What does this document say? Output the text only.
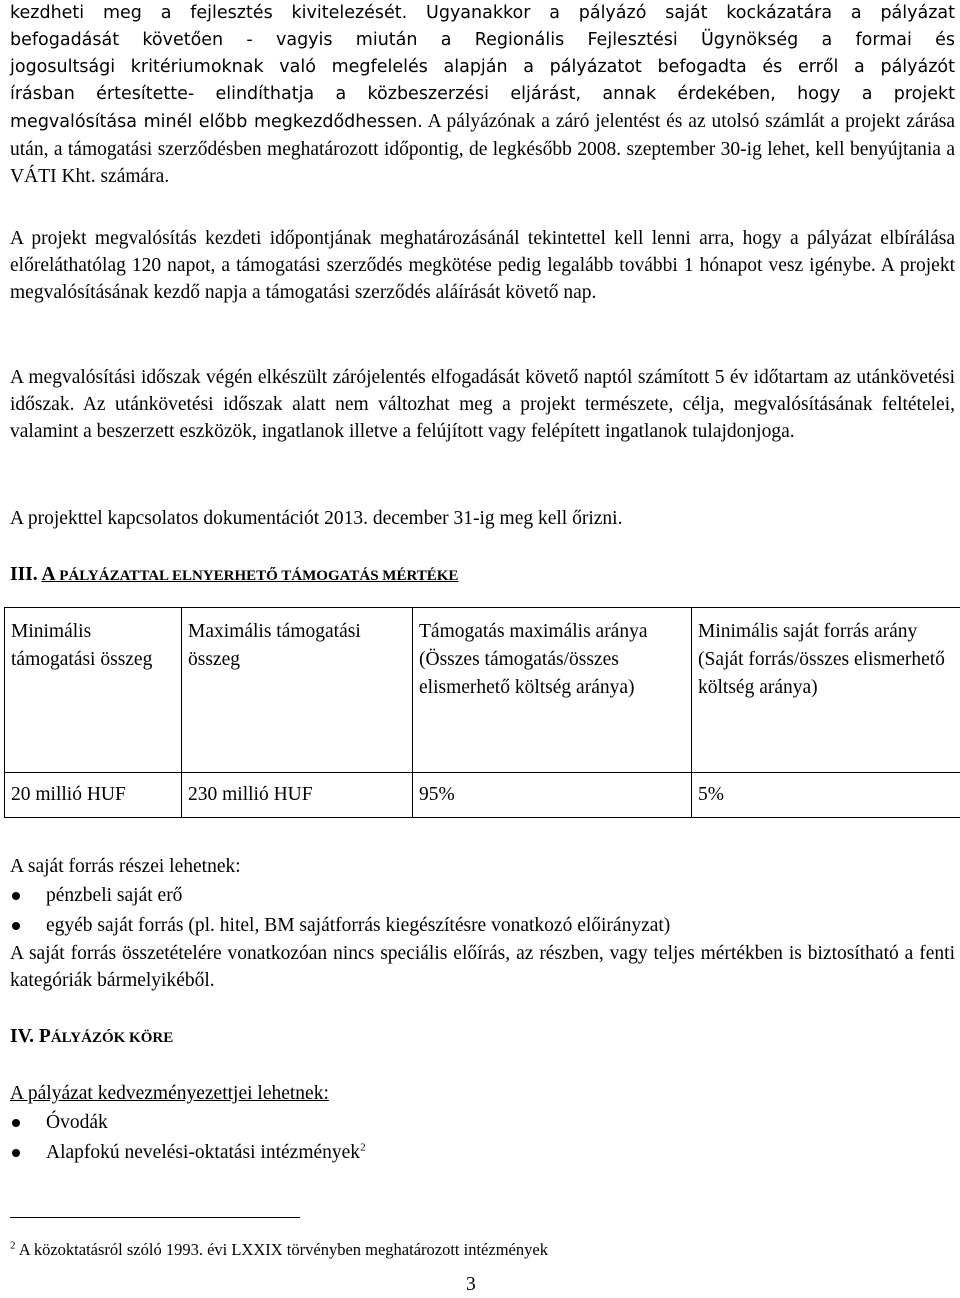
kezdheti meg a fejlesztés kivitelezését. Ugyanakkor a pályázó saját kockázatára a pályázat

befogadását követően - vagyis miután a Regionális Fejlesztési Ügynökség a formai és

jogosultsági kritériumoknak való megfelelés alapján a pályázatot befogadta és erről a pályázót

írásban értesítette- elindíthatja a közbeszerzési eljárást, annak érdekében, hogy a projekt

megvalósítása minél előbb megkezdődhessen. A pályázónak a záró jelentést és az utolsó számlát a projekt zárása után, a támogatási szerződésben meghatározott időpontig, de legkésőbb 2008. szeptember 30-ig lehet, kell benyújtania a VÁTI Kht. számára.

A projekt megvalósítás kezdeti időpontjának meghatározásánál tekintettel kell lenni arra, hogy a pályázat elbírálása előreláthatólag 120 napot, a támogatási szerződés megkötése pedig legalább további 1 hónapot vesz igénybe. A projekt megvalósításának kezdő napja a támogatási szerződés aláírását követő nap.

A megvalósítási időszak végén elkészült zárójelentés elfogadását követő naptól számított 5 év időtartam az utánkövetési időszak. Az utánkövetési időszak alatt nem változhat meg a projekt természete, célja, megvalósításának feltételei, valamint a beszerzett eszközök, ingatlanok illetve a felújított vagy felépített ingatlanok tulajdonjoga.

A projekttel kapcsolatos dokumentációt 2013. december 31-ig meg kell őrizni.

III. A PÁLYÁZATTAL ELNYERHETŐ TÁMOGATÁS MÉRTÉKE
Minimális támogatási összeg	Maximális támogatási összeg	Támogatás maximális aránya (Összes támogatás/összes elismerhető költség aránya)	Minimális saját forrás arány (Saját forrás/összes elismerhető költség aránya)
20 millió HUF	230 millió HUF	95%	5%

A saját forrás részei lehetnek:

pénzbeli saját erő
egyéb saját forrás (pl. hitel, BM sajátforrás kiegészítésre vonatkozó előirányzat)

A saját forrás összetételére vonatkozóan nincs speciális előírás, az részben, vagy teljes mértékben is biztosítható a fenti kategóriák bármelyikéből.

IV. PÁLYÁZÓK KÖRE

A pályázat kedvezményezettjei lehetnek:

Óvodák
Alapfokú nevelési-oktatási intézmények$^2$
$^2$ A közoktatásról szóló 1993. évi LXXIX törvényben meghatározott intézmények
3
